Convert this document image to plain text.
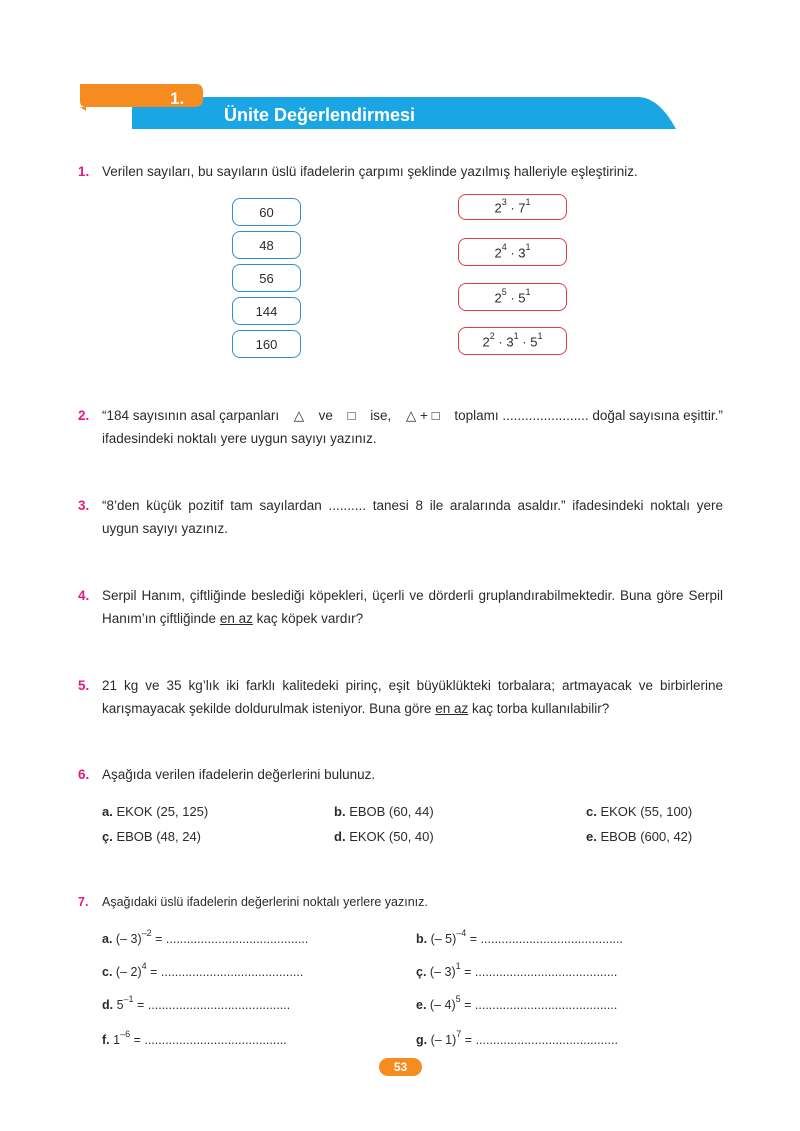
1.
Ünite Değerlendirmesi
1. Verilen sayıları, bu sayıların üslü ifadelerin çarpımı şeklinde yazılmış halleriyle eşleştiriniz.
60
48
56
144
160
$2^3 \cdot 7^1$
$2^4 \cdot 3^1$
$2^5 \cdot 5^1$
$2^2 \cdot 3^1 \cdot 5^1$
2. “184 sayısının asal çarpanları △ ve □ ise, △ + □ toplamı ....................... doğal sayısına eşittir.”
ifadesindeki noktalı yere uygun sayıyı yazınız.
3. “8’den küçük pozitif tam sayılardan .......... tanesi 8 ile aralarında asaldır.” ifadesindeki noktalı yere uygun sayıyı yazınız.
4. Serpil Hanım, çiftliğinde beslediği köpekleri, üçerli ve dörderli gruplandırabilmektedir. Buna göre Serpil Hanım’ın çiftliğinde en az kaç köpek vardır?
5. 21 kg ve 35 kg’lık iki farklı kalitedeki pirinç, eşit büyüklükteki torbalara; artmayacak ve birbirlerine karışmayacak şekilde doldurulmak isteniyor. Buna göre en az kaç torba kullanılabilir?
6. Aşağıda verilen ifadelerin değerlerini bulunuz.
a. EKOK (25, 125)	b. EBOB (60, 44)	c. EKOK (55, 100)
ç. EBOB (48, 24)	d. EKOK (50, 40)	e. EBOB (600, 42)
7. Aşağıdaki üslü ifadelerin değerlerini noktalı yerlere yazınız.
a. (– 3)$^{-2}$ = .........................................	b. (– 5)$^{-4}$ = .........................................
c. (– 2)$^4$ = .........................................	ç. (– 3)$^1$ = .........................................
d. $5^{-1}$ = .........................................	e. (– 4)$^5$ = .........................................
f. $1^{-6}$ = .........................................	g. (– 1)$^7$ = .........................................
53
